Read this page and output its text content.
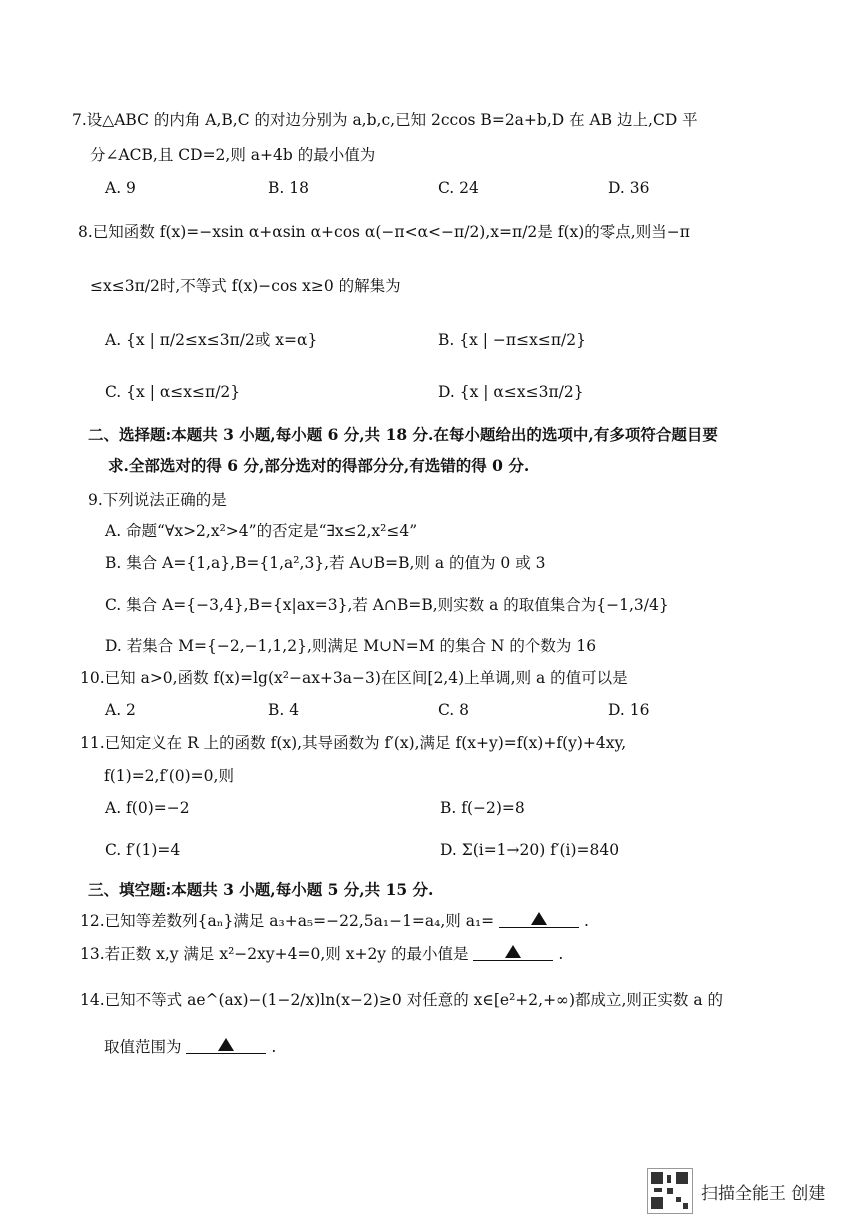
7.设△ABC 的内角 A,B,C 的对边分别为 a,b,c,已知 2ccos B=2a+b,D 在 AB 边上,CD 平
分∠ACB,且 CD=2,则 a+4b 的最小值为
A. 9	B. 18	C. 24	D. 36
8.已知函数 f(x)=−xsin α+αsin α+cos α(−π<α<−π/2),x=π/2是 f(x)的零点,则当−π
≤x≤3π/2时,不等式 f(x)−cos x≥0 的解集为
A. {x | π/2≤x≤3π/2或 x=α}	B. {x | −π≤x≤π/2}
C. {x | α≤x≤π/2}	D. {x | α≤x≤3π/2}
二、选择题:本题共 3 小题,每小题 6 分,共 18 分.在每小题给出的选项中,有多项符合题目要
求.全部选对的得 6 分,部分选对的得部分分,有选错的得 0 分.
9.下列说法正确的是
A. 命题“∀x>2,x²>4”的否定是“∃x≤2,x²≤4”
B. 集合 A={1,a},B={1,a²,3},若 A∪B=B,则 a 的值为 0 或 3
C. 集合 A={−3,4},B={x|ax=3},若 A∩B=B,则实数 a 的取值集合为{−1,3/4}
D. 若集合 M={−2,−1,1,2},则满足 M∪N=M 的集合 N 的个数为 16
10.已知 a>0,函数 f(x)=lg(x²−ax+3a−3)在区间[2,4)上单调,则 a 的值可以是
A. 2	B. 4	C. 8	D. 16
11.已知定义在 R 上的函数 f(x),其导函数为 f′(x),满足 f(x+y)=f(x)+f(y)+4xy,
f(1)=2,f′(0)=0,则
A. f(0)=−2	B. f(−2)=8
C. f′(1)=4	D. Σ(i=1→20) f′(i)=840
三、填空题:本题共 3 小题,每小题 5 分,共 15 分.
12.已知等差数列{aₙ}满足 a₃+a₅=−22,5a₁−1=a₄,则 a₁=	.
13.若正数 x,y 满足 x²−2xy+4=0,则 x+2y 的最小值是	.
14.已知不等式 ae^(ax)−(1−2/x)ln(x−2)≥0 对任意的 x∈[e²+2,+∞)都成立,则正实数 a 的
取值范围为	.
扫描全能王 创建
